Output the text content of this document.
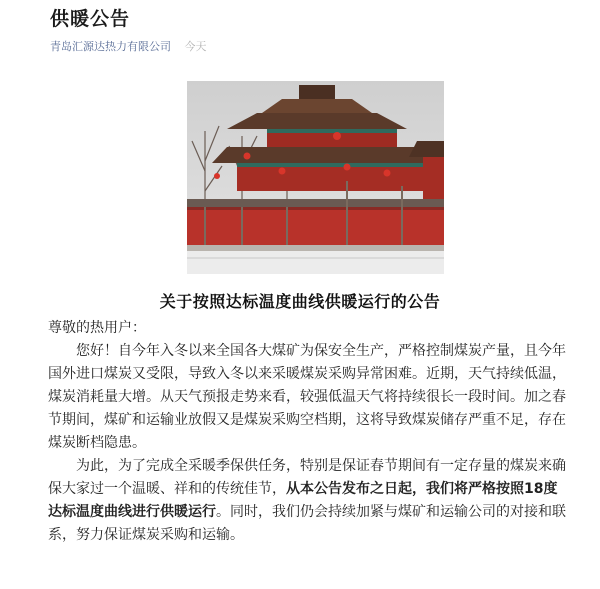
供暖公告
青岛汇源达热力有限公司 今天
关于按照达标温度曲线供暖运行的公告

尊敬的热用户：

您好！自今年入冬以来全国各大煤矿为保安全生产，严格控制煤炭产量，且今年国外进口煤炭又受限，导致入冬以来采暖煤炭采购异常困难。近期，天气持续低温，煤炭消耗量大增。从天气预报走势来看，较强低温天气将持续很长一段时间。加之春节期间，煤矿和运输业放假又是煤炭采购空档期，这将导致煤炭储存严重不足，存在煤炭断档隐患。

为此，为了完成全采暖季保供任务，特别是保证春节期间有一定存量的煤炭来确保大家过一个温暖、祥和的传统佳节，从本公告发布之日起，我们将严格按照18度达标温度曲线进行供暖运行。同时，我们仍会持续加紧与煤矿和运输公司的对接和联系，努力保证煤炭采购和运输。
